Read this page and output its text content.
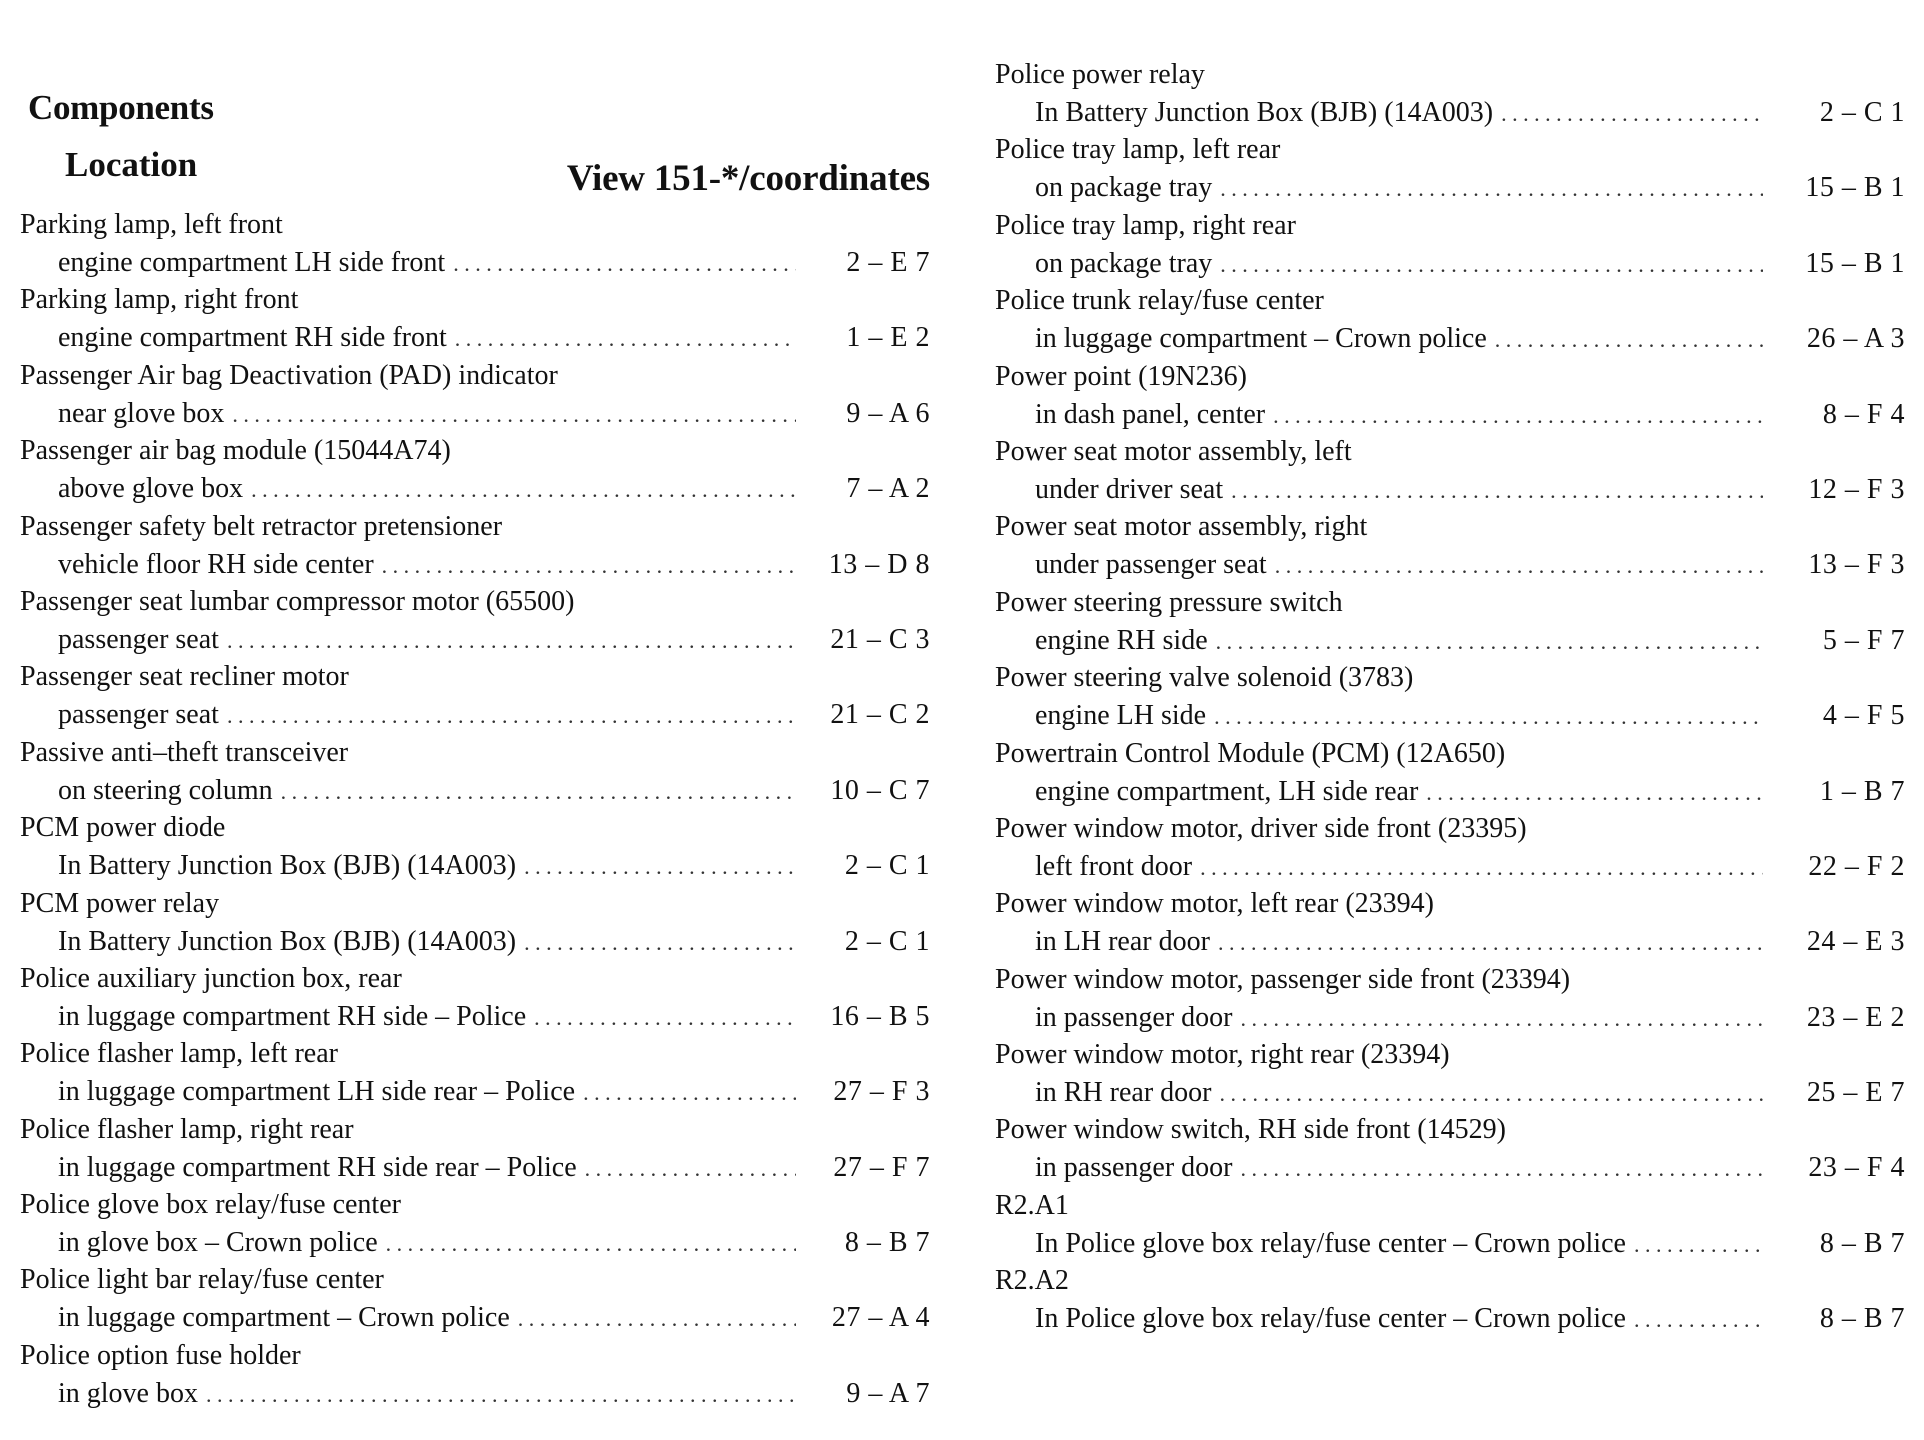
Components
Location	View 151-*/coordinates
Parking lamp, left front
engine compartment LH side front . . .	2 – E 7
Parking lamp, right front
engine compartment RH side front . . .	1 – E 2
Passenger Air bag Deactivation (PAD) indicator
near glove box . . .	9 – A 6
Passenger air bag module (15044A74)
above glove box . . .	7 – A 2
Passenger safety belt retractor pretensioner
vehicle floor RH side center . . .	13 – D 8
Passenger seat lumbar compressor motor (65500)
passenger seat . . .	21 – C 3
Passenger seat recliner motor
passenger seat . . .	21 – C 2
Passive anti–theft transceiver
on steering column . . .	10 – C 7
PCM power diode
In Battery Junction Box (BJB) (14A003) . . .	2 – C 1
PCM power relay
In Battery Junction Box (BJB) (14A003) . . .	2 – C 1
Police auxiliary junction box, rear
in luggage compartment RH side – Police . . .	16 – B 5
Police flasher lamp, left rear
in luggage compartment LH side rear – Police . . .	27 – F 3
Police flasher lamp, right rear
in luggage compartment RH side rear – Police . . .	27 – F 7
Police glove box relay/fuse center
in glove box – Crown police . . .	8 – B 7
Police light bar relay/fuse center
in luggage compartment – Crown police . . .	27 – A 4
Police option fuse holder
in glove box . . .	9 – A 7
Police power relay
In Battery Junction Box (BJB) (14A003) . . .	2 – C 1
Police tray lamp, left rear
on package tray . . .	15 – B 1
Police tray lamp, right rear
on package tray . . .	15 – B 1
Police trunk relay/fuse center
in luggage compartment – Crown police . . .	26 – A 3
Power point (19N236)
in dash panel, center . . .	8 – F 4
Power seat motor assembly, left
under driver seat . . .	12 – F 3
Power seat motor assembly, right
under passenger seat . . .	13 – F 3
Power steering pressure switch
engine RH side . . .	5 – F 7
Power steering valve solenoid (3783)
engine LH side . . .	4 – F 5
Powertrain Control Module (PCM) (12A650)
engine compartment, LH side rear . . .	1 – B 7
Power window motor, driver side front (23395)
left front door . . .	22 – F 2
Power window motor, left rear (23394)
in LH rear door . . .	24 – E 3
Power window motor, passenger side front (23394)
in passenger door . . .	23 – E 2
Power window motor, right rear (23394)
in RH rear door . . .	25 – E 7
Power window switch, RH side front (14529)
in passenger door . . .	23 – F 4
R2.A1
In Police glove box relay/fuse center – Crown police . . .	8 – B 7
R2.A2
In Police glove box relay/fuse center – Crown police . . .	8 – B 7
